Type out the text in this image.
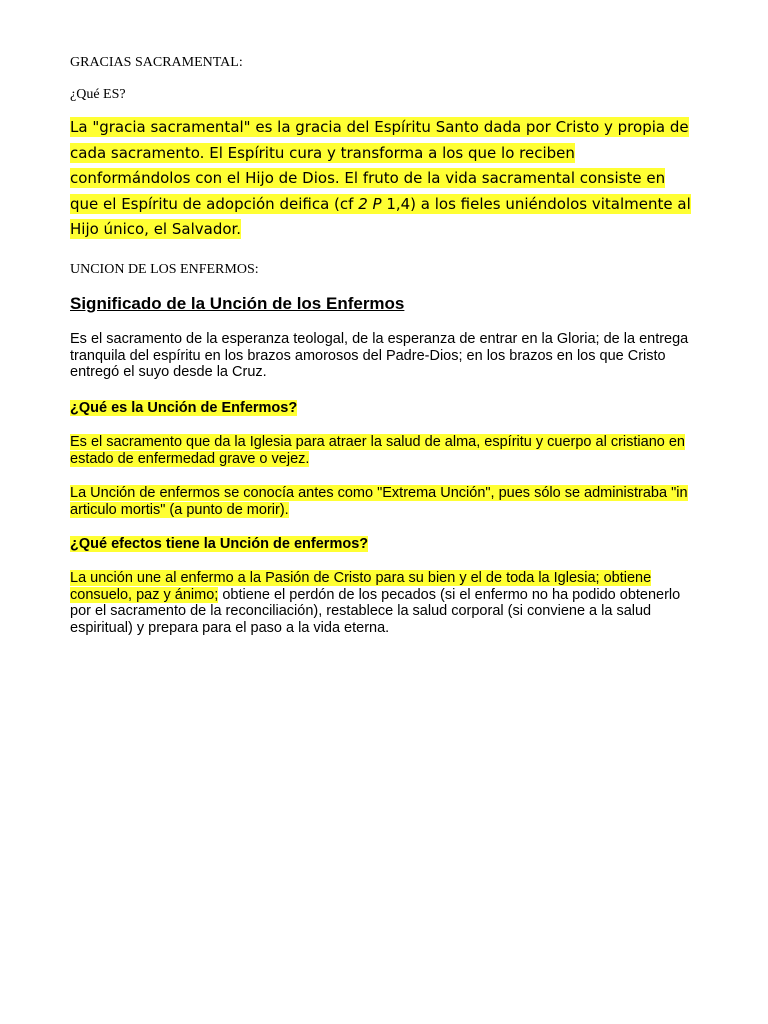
GRACIAS SACRAMENTAL:

¿Qué ES?

La "gracia sacramental" es la gracia del Espíritu Santo dada por Cristo y propia de cada sacramento. El Espíritu cura y transforma a los que lo reciben conformándolos con el Hijo de Dios. El fruto de la vida sacramental consiste en que el Espíritu de adopción deifica (cf 2 P 1,4) a los fieles uniéndolos vitalmente al Hijo único, el Salvador.

UNCION DE LOS ENFERMOS:

Significado de la Unción de los Enfermos

Es el sacramento de la esperanza teologal, de la esperanza de entrar en la Gloria; de la entrega tranquila del espíritu en los brazos amorosos del Padre-Dios; en los brazos en los que Cristo entregó el suyo desde la Cruz.

¿Qué es la Unción de Enfermos?

Es el sacramento que da la Iglesia para atraer la salud de alma, espíritu y cuerpo al cristiano en estado de enfermedad grave o vejez.

La Unción de enfermos se conocía antes como "Extrema Unción", pues sólo se administraba "in articulo mortis" (a punto de morir).

¿Qué efectos tiene la Unción de enfermos?

La unción une al enfermo a la Pasión de Cristo para su bien y el de toda la Iglesia; obtiene consuelo, paz y ánimo; obtiene el perdón de los pecados (si el enfermo no ha podido obtenerlo por el sacramento de la reconciliación), restablece la salud corporal (si conviene a la salud espiritual) y prepara para el paso a la vida eterna.
